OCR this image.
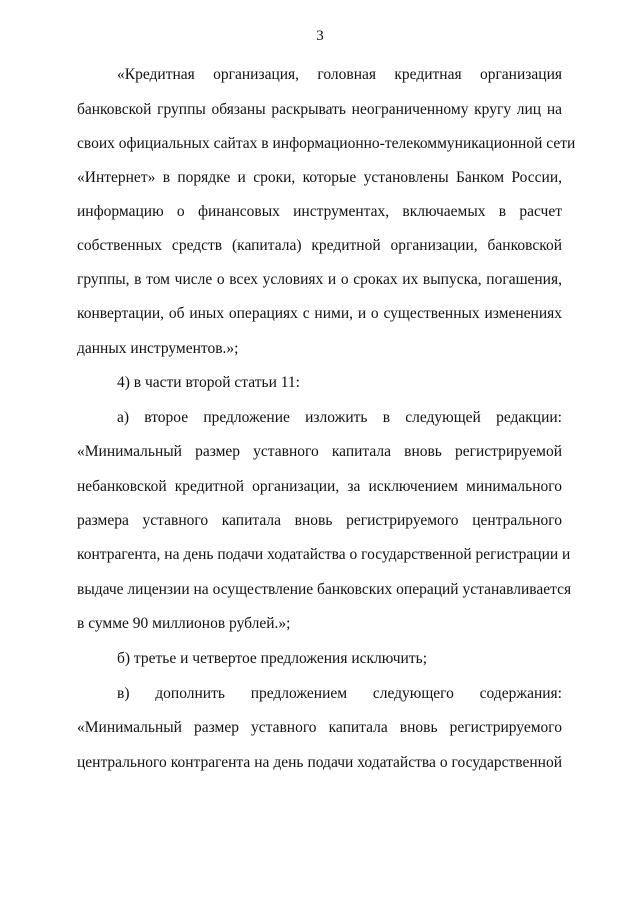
3
«Кредитная организация, головная кредитная организация
банковской группы обязаны раскрывать неограниченному кругу лиц на
своих официальных сайтах в информационно-телекоммуникационной сети
«Интернет» в порядке и сроки, которые установлены Банком России,
информацию о финансовых инструментах, включаемых в расчет
собственных средств (капитала) кредитной организации, банковской
группы, в том числе о всех условиях и о сроках их выпуска, погашения,
конвертации, об иных операциях с ними, и о существенных изменениях
данных инструментов.»;
4) в части второй статьи 11:
а) второе предложение изложить в следующей редакции:
«Минимальный размер уставного капитала вновь регистрируемой
небанковской кредитной организации, за исключением минимального
размера уставного капитала вновь регистрируемого центрального
контрагента, на день подачи ходатайства о государственной регистрации и
выдаче лицензии на осуществление банковских операций устанавливается
в сумме 90 миллионов рублей.»;
б) третье и четвертое предложения исключить;
в) дополнить предложением следующего содержания:
«Минимальный размер уставного капитала вновь регистрируемого
центрального контрагента на день подачи ходатайства о государственной
